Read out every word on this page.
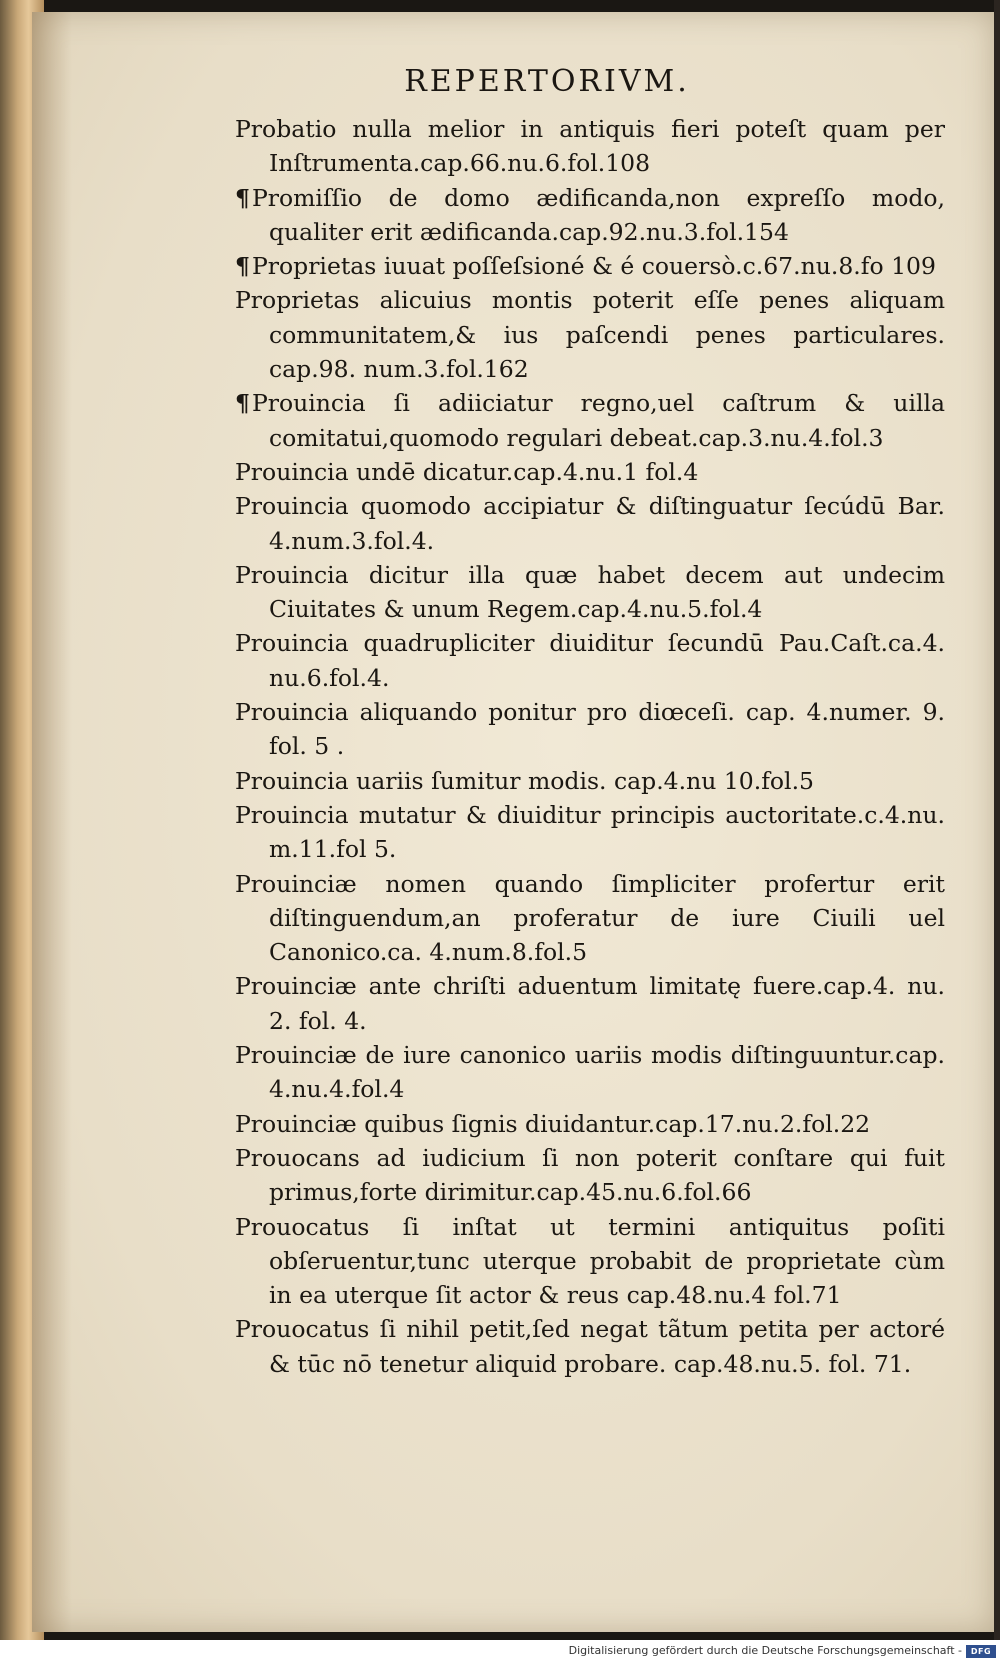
REPERTORIVM.

Probatio nulla melior in antiquis fieri poteſt quam per Inſtrumenta.cap.66.nu.6.fol.108

¶Promiſſio de domo ædificanda,non expreſſo modo, qualiter erit ædificanda.cap.92.nu.3.fol.154

¶Proprietas iuuat poſſeſsioné & é couersò.c.67.nu.8.fo 109

Proprietas alicuius montis poterit eſſe penes aliquam communitatem,& ius paſcendi penes particulares. cap.98. num.3.fol.162

¶Prouincia ſi adiiciatur regno,uel caſtrum & uilla comitatui,quomodo regulari debeat.cap.3.nu.4.fol.3

Prouincia undē dicatur.cap.4.nu.1 fol.4

Prouincia quomodo accipiatur & diſtinguatur ſecúdū Bar. 4.num.3.fol.4.

Prouincia dicitur illa quæ habet decem aut undecim Ciuitates & unum Regem.cap.4.nu.5.fol.4

Prouincia quadrupliciter diuiditur ſecundū Pau.Caſt.ca.4. nu.6.fol.4.

Prouincia aliquando ponitur pro diœceſi. cap. 4.numer. 9. fol. 5 .

Prouincia uariis ſumitur modis. cap.4.nu 10.fol.5

Prouincia mutatur & diuiditur principis auctoritate.c.4.nu. m.11.fol 5.

Prouinciæ nomen quando ſimpliciter profertur erit diſtinguendum,an proferatur de iure Ciuili uel Canonico.ca. 4.num.8.fol.5

Prouinciæ ante chriſti aduentum limitatę fuere.cap.4. nu. 2. fol. 4.

Prouinciæ de iure canonico uariis modis diſtinguuntur.cap. 4.nu.4.fol.4

Prouinciæ quibus ſignis diuidantur.cap.17.nu.2.fol.22

Prouocans ad iudicium ſi non poterit conſtare qui fuit primus,forte dirimitur.cap.45.nu.6.fol.66

Prouocatus ſi inſtat ut termini antiquitus poſiti obſeruentur,tunc uterque probabit de proprietate cùm in ea uterque ſit actor & reus cap.48.nu.4 fol.71

Prouocatus ſi nihil petit,ſed negat tãtum petita per actoré & tūc nō tenetur aliquid probare. cap.48.nu.5. fol. 71.

Digitalisierung gefördert durch die Deutsche Forschungsgemeinschaft - DFG
